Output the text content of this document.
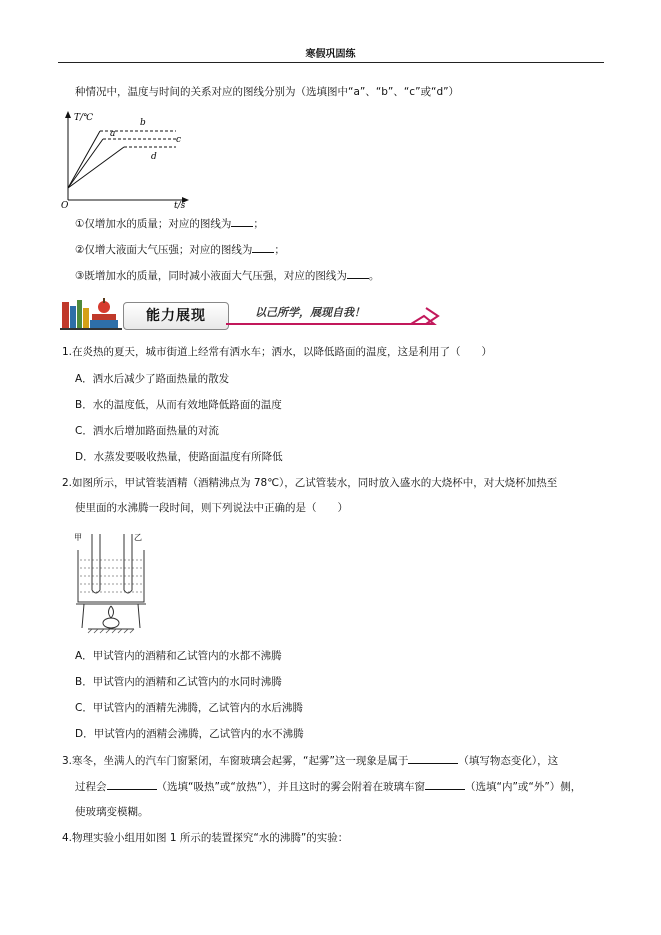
寒假巩固练
种情况中，温度与时间的关系对应的图线分别为（选填图中“a”、“b”、“c”或“d”）
T/℃
t/s
O
a
b
c
d
①仅增加水的质量；对应的图线为 ；
②仅增大液面大气压强；对应的图线为 ；
③既增加水的质量，同时减小液面大气压强，对应的图线为 。
能力展现	以己所学，展现自我！
1.在炎热的夏天，城市街道上经常有洒水车；洒水，以降低路面的温度，这是利用了（　　）
A．洒水后减少了路面热量的散发
B．水的温度低，从而有效地降低路面的温度
C．洒水后增加路面热量的对流
D．水蒸发要吸收热量，使路面温度有所降低
2.如图所示，甲试管装酒精（酒精沸点为 78℃），乙试管装水，同时放入盛水的大烧杯中，对大烧杯加热至
使里面的水沸腾一段时间，则下列说法中正确的是（　　）
甲	乙
A．甲试管内的酒精和乙试管内的水都不沸腾
B．甲试管内的酒精和乙试管内的水同时沸腾
C．甲试管内的酒精先沸腾，乙试管内的水后沸腾
D．甲试管内的酒精会沸腾，乙试管内的水不沸腾
3.寒冬，坐满人的汽车门窗紧闭，车窗玻璃会起雾，“起雾”这一现象是属于	（填写物态变化），这
过程会	（选填“吸热”或“放热”），并且这时的雾会附着在玻璃车窗	（选填“内”或“外”）侧，
使玻璃变模糊。
4.物理实验小组用如图 1 所示的装置探究“水的沸腾”的实验：
